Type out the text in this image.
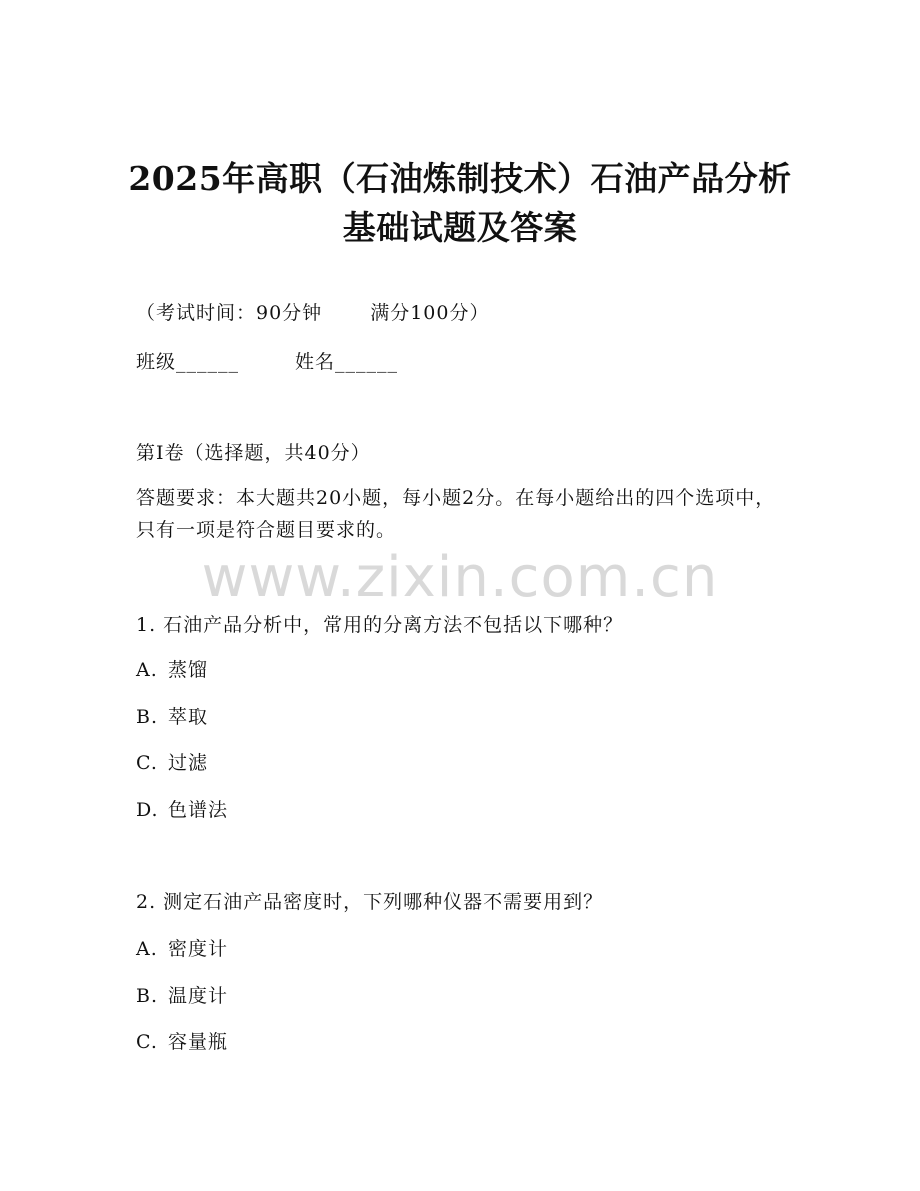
www.zixin.com.cn
2025年高职（石油炼制技术）石油产品分析
基础试题及答案
（考试时间：90分钟	满分100分）
班级______	姓名______
第I卷（选择题，共40分）
答题要求：本大题共20小题，每小题2分。在每小题给出的四个选项中，只有一项是符合题目要求的。
1. 石油产品分析中，常用的分离方法不包括以下哪种？
A. 蒸馏
B. 萃取
C. 过滤
D. 色谱法
2. 测定石油产品密度时，下列哪种仪器不需要用到？
A. 密度计
B. 温度计
C. 容量瓶
